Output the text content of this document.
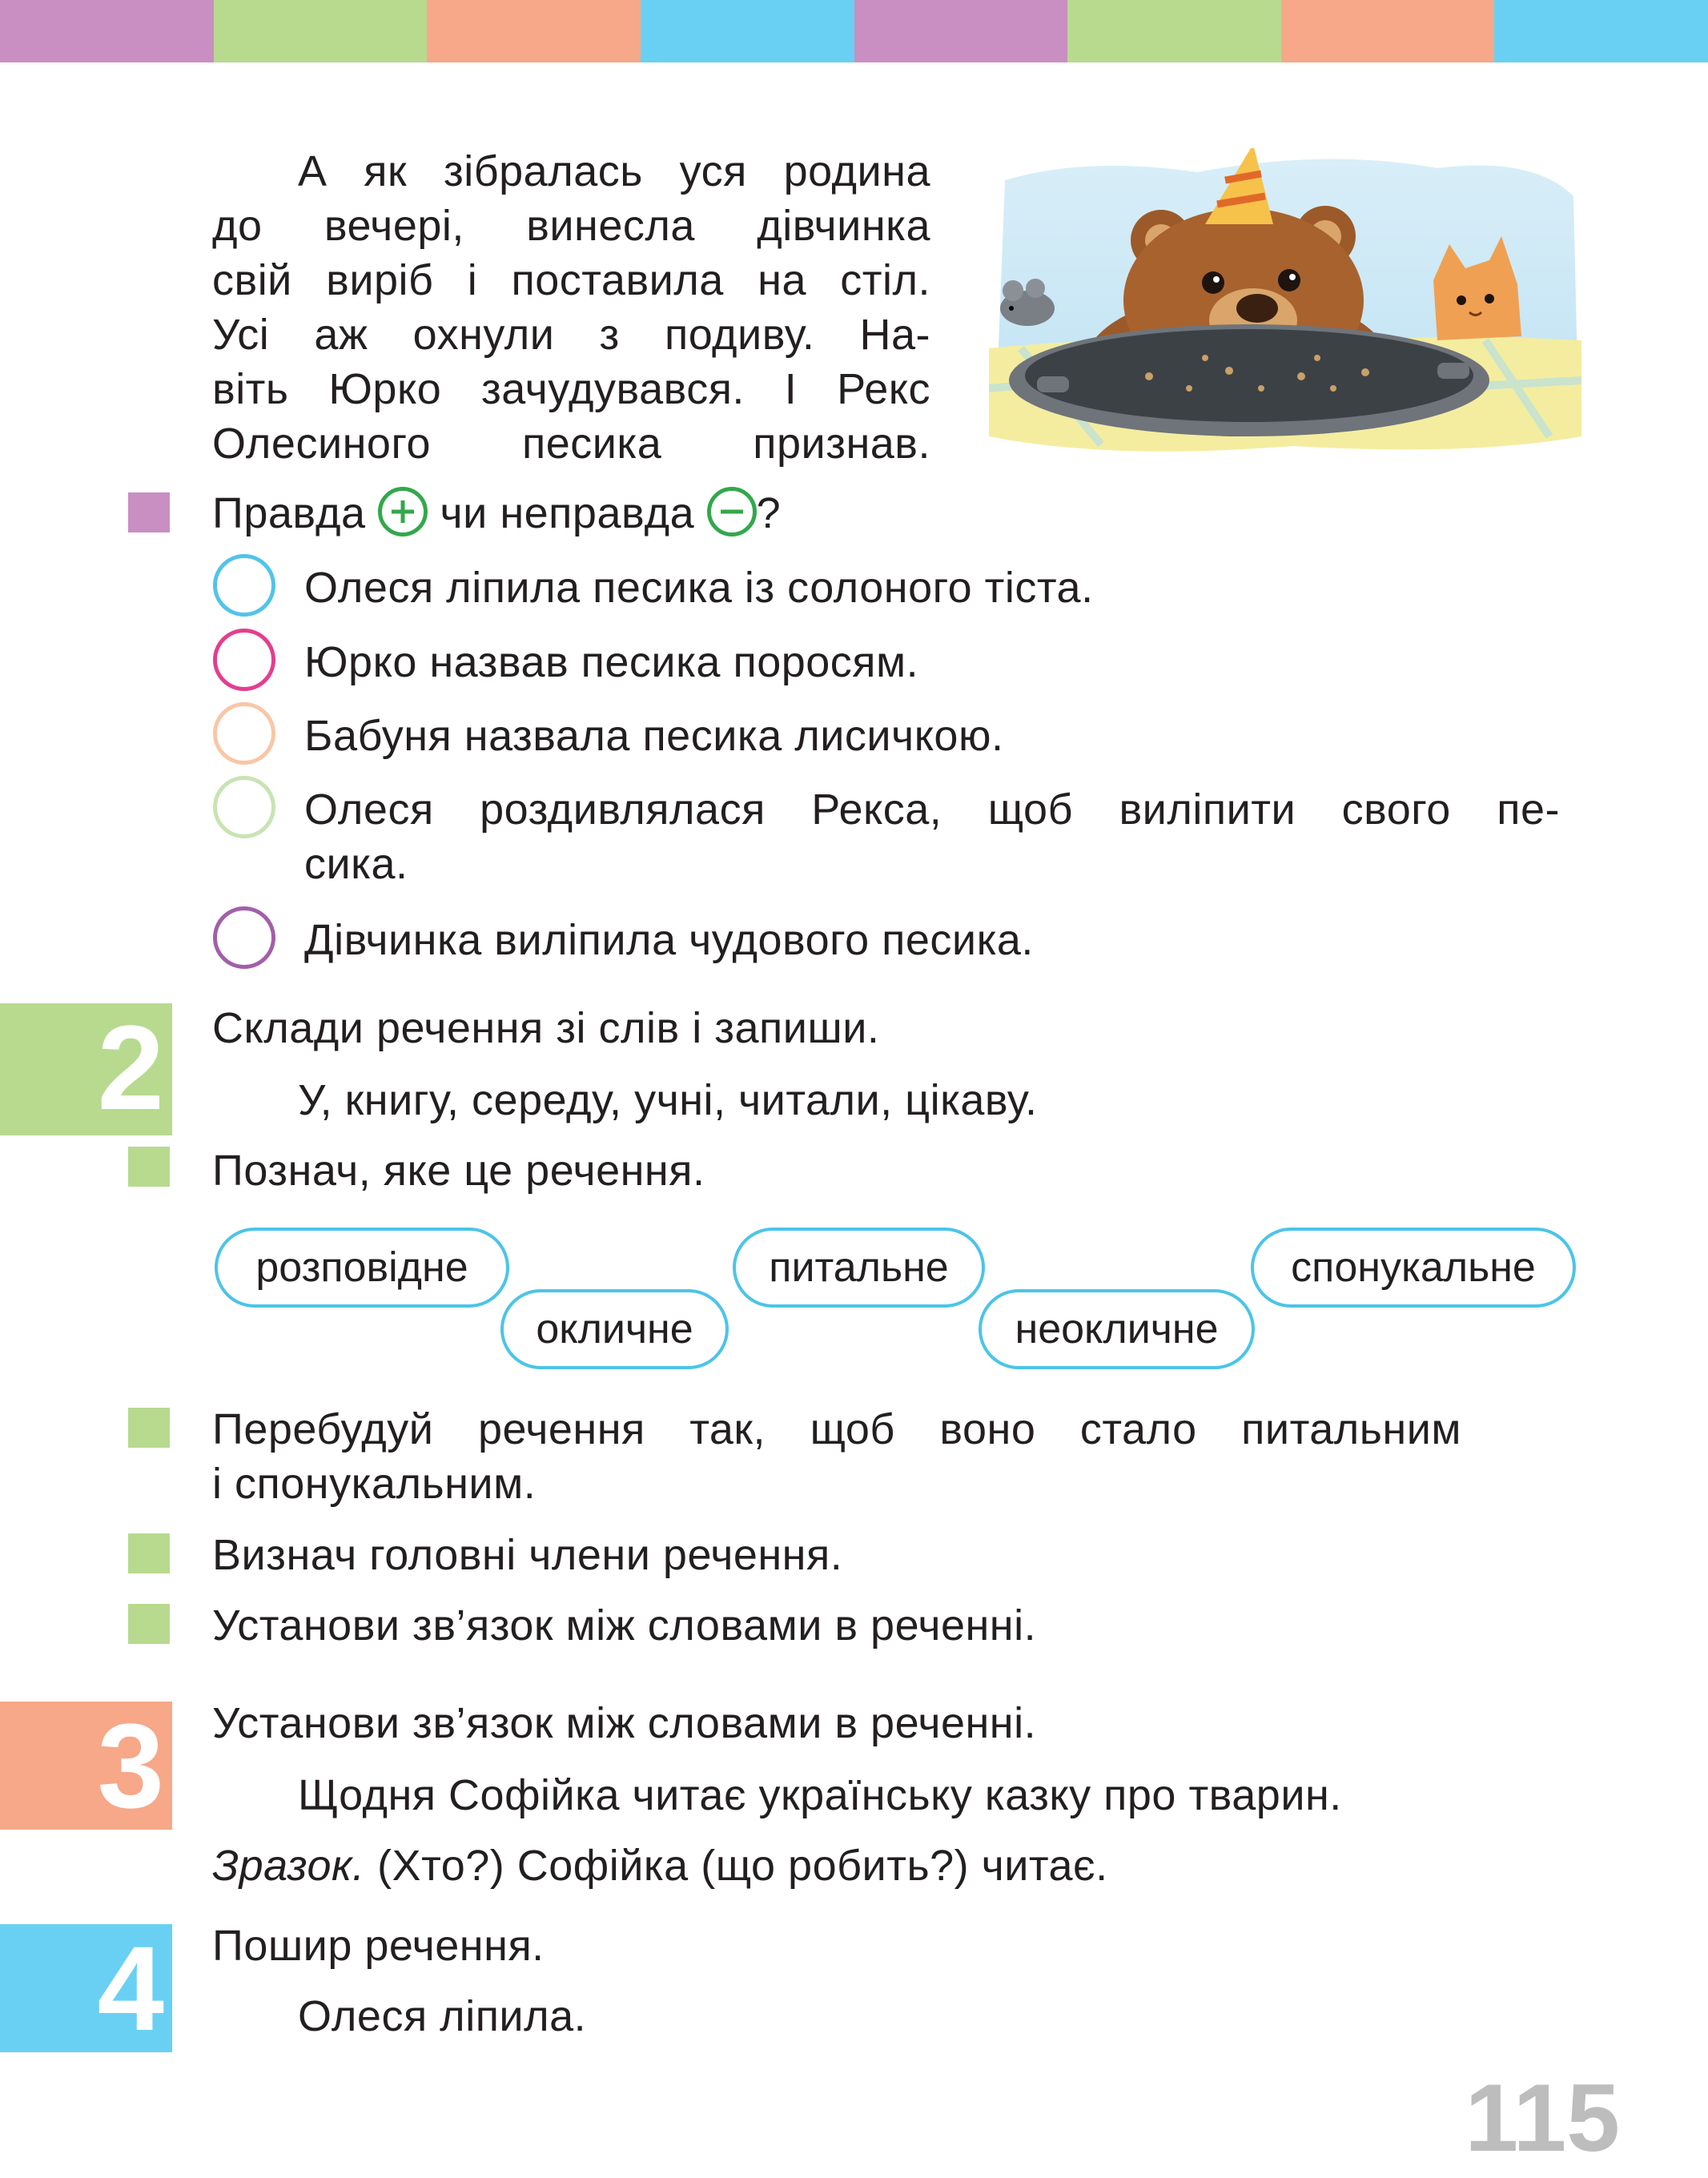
А як зібралась уся родина
до вечері, винесла дівчинка
свій виріб і поставила на стіл.
Усі аж охнули з подиву. На-
віть Юрко зачудувався. І Рекс
Олесиного песика признав.
Правда чи неправда ?
Олеся ліпила песика із солоного тіста.
Юрко назвав песика поросям.
Бабуня назвала песика лисичкою.
Олеся роздивлялася Рекса, щоб виліпити свого пе-
сика.
Дівчинка виліпила чудового песика.
2 Склади речення зі слів і запиши.
У, книгу, середу, учні, читали, цікаву.
Познач, яке це речення.
розповідне
окличне
питальне
неокличне
спонукальне
Перебудуй речення так, щоб воно стало питальним
і спонукальним.
Визнач головні члени речення.
Установи зв’язок між словами в реченні.
3 Установи зв’язок між словами в реченні.
Щодня Софійка читає українську казку про тварин.
Зразок. (Хто?) Софійка (що робить?) читає.
4 Пошир речення.
Олеся ліпила.
115
